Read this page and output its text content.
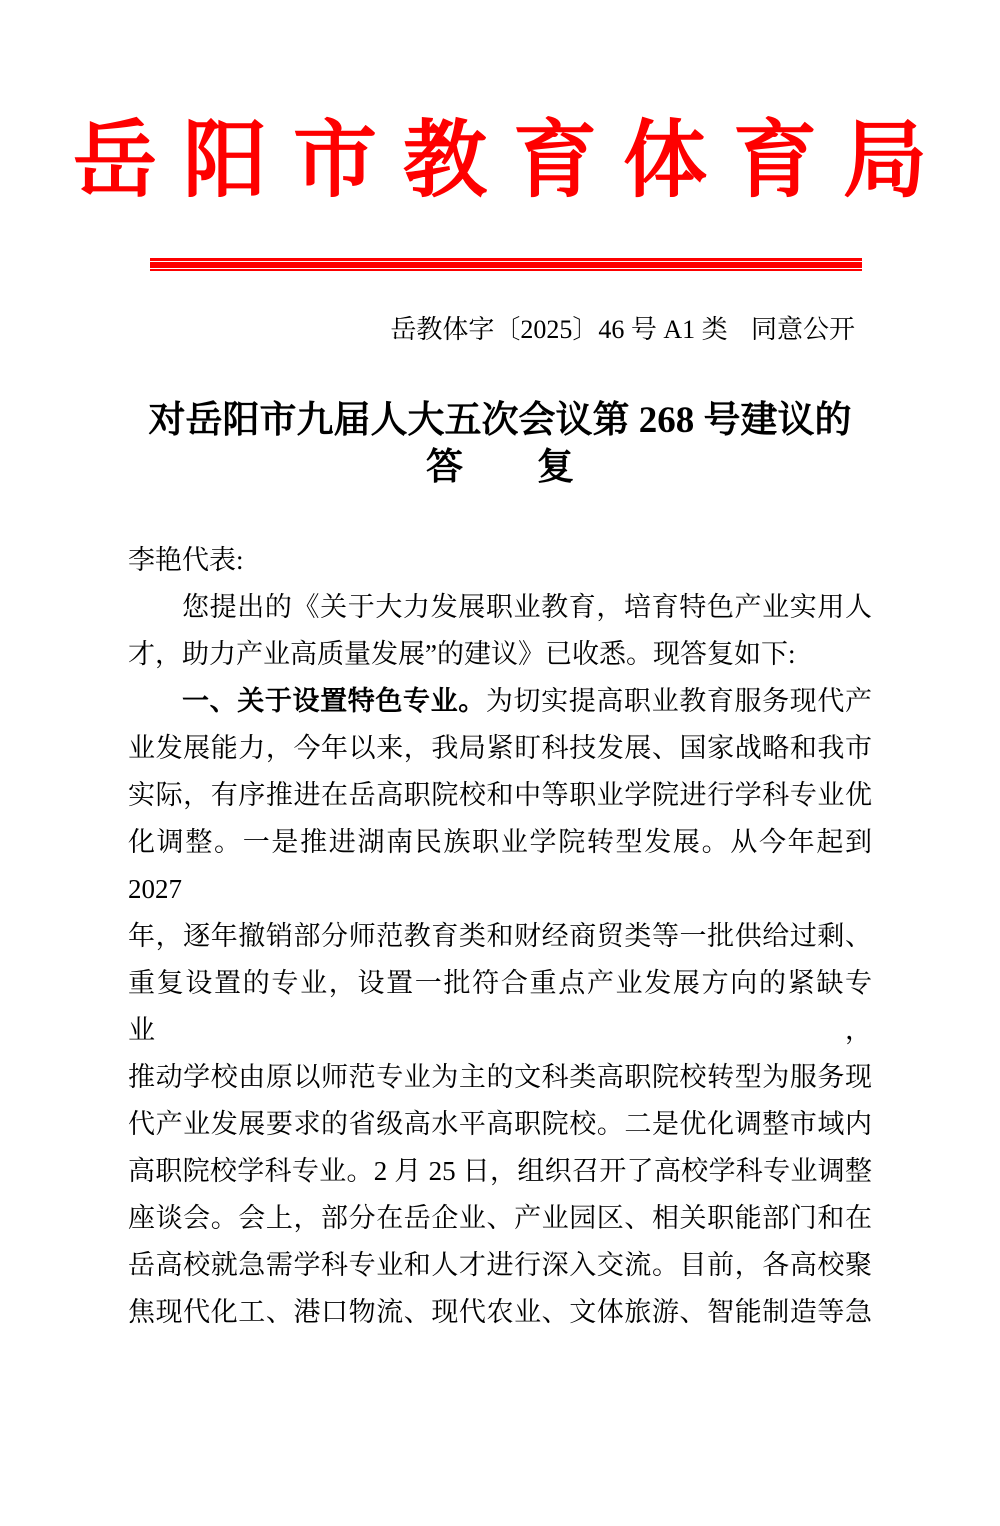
岳阳市教育体育局
岳教体字〔2025〕46 号 A1 类 同意公开
对岳阳市九届人大五次会议第 268 号建议的
答　　复
李艳代表:
您提出的《关于大力发展职业教育，培育特色产业实用人
才，助力产业高质量发展”的建议》已收悉。现答复如下:
一、关于设置特色专业。为切实提高职业教育服务现代产
业发展能力，今年以来，我局紧盯科技发展、国家战略和我市
实际，有序推进在岳高职院校和中等职业学院进行学科专业优
化调整。一是推进湖南民族职业学院转型发展。从今年起到 2027
年，逐年撤销部分师范教育类和财经商贸类等一批供给过剩、
重复设置的专业，设置一批符合重点产业发展方向的紧缺专业，
推动学校由原以师范专业为主的文科类高职院校转型为服务现
代产业发展要求的省级高水平高职院校。二是优化调整市域内
高职院校学科专业。2 月 25 日，组织召开了高校学科专业调整
座谈会。会上，部分在岳企业、产业园区、相关职能部门和在
岳高校就急需学科专业和人才进行深入交流。目前，各高校聚
焦现代化工、港口物流、现代农业、文体旅游、智能制造等急
